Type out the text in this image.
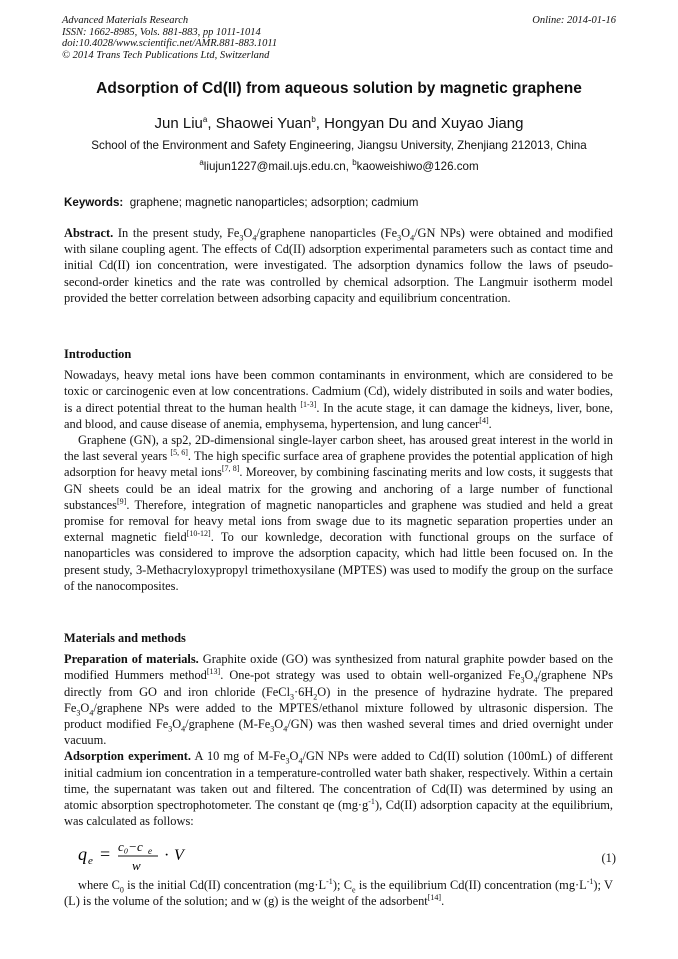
Advanced Materials Research
ISSN: 1662-8985, Vols. 881-883, pp 1011-1014
doi:10.4028/www.scientific.net/AMR.881-883.1011
© 2014 Trans Tech Publications Ltd, Switzerland
Online: 2014-01-16
Adsorption of Cd(II) from aqueous solution by magnetic graphene
Jun Liu$^a$, Shaowei Yuan$^b$, Hongyan Du and Xuyao Jiang
School of the Environment and Safety Engineering, Jiangsu University, Zhenjiang 212013, China
$^a$liujun1227@mail.ujs.edu.cn, $^b$kaoweishiwo@126.com
Keywords: graphene; magnetic nanoparticles; adsorption; cadmium

Abstract. In the present study, $Fe_3O_4$/graphene nanoparticles ($Fe_3O_4/GN$ NPs) were obtained and modified with silane coupling agent. The effects of Cd(II) adsorption experimental parameters such as contact time and initial Cd(II) ion concentration, were investigated. The adsorption dynamics follow the laws of pseudo-second-order kinetics and the rate was controlled by chemical adsorption. The Langmuir isotherm model provided the better correlation between adsorbing capacity and equilibrium concentration.

Introduction

Nowadays, heavy metal ions have been common contaminants in environment, which are considered to be toxic or carcinogenic even at low concentrations. Cadmium (Cd), widely distributed in soils and water bodies, is a direct potential threat to the human health [1-3]. In the acute stage, it can damage the kidneys, liver, bone, and blood, and cause disease of anemia, emphysema, hypertension, and lung cancer[4].

Graphene (GN), a sp2, 2D-dimensional single-layer carbon sheet, has aroused great interest in the world in the last several years [5, 6]. The high specific surface area of graphene provides the potential application of high adsorption for heavy metal ions[7, 8]. Moreover, by combining fascinating merits and low costs, it suggests that GN sheets could be an ideal matrix for the growing and anchoring of a large number of functional substances[9]. Therefore, integration of magnetic nanoparticles and graphene was studied and held a great promise for removal for heavy metal ions from swage due to its magnetic separation properties under an external magnetic field[10-12]. To our kownledge, decoration with functional groups on the surface of nanoparticles was considered to improve the adsorption capacity, which had little been focused on. In the present study, 3-Methacryloxypropyl trimethoxysilane (MPTES) was used to modify the group on the surface of the nanocomposites.

Materials and methods

Preparation of materials. Graphite oxide (GO) was synthesized from natural graphite powder based on the modified Hummers method[13]. One-pot strategy was used to obtain well-organized $Fe_3O_4$/graphene NPs directly from GO and iron chloride $(FeCl_3\cdot 6H_2O)$ in the presence of hydrazine hydrate. The prepared $Fe_3O_4$/graphene NPs were added to the MPTES/ethanol mixture followed by ultrasonic dispersion. The product modified $Fe_3O_4$/graphene $(M-Fe_3O_4/GN)$ was then washed several times and dried overnight under vacuum.

Adsorption experiment. A 10 mg of $M-Fe_3O_4/GN$ NPs were added to Cd(II) solution (100mL) of different initial cadmium ion concentration in a temperature-controlled water bath shaker, respectively. Within a certain time, the supernatant was taken out and filtered. The concentration of Cd(II) was determined by using an atomic absorption spectrophotometer. The constant qe $(mg\cdot g^{-1})$, Cd(II) adsorption capacity at the equilibrium, was calculated as follows:

q e = c₀−c e
w
· V	(1)

where $C_0$ is the initial Cd(II) concentration $(mg\cdot L^{-1})$; $C_e$ is the equilibrium Cd(II) concentration $(mg\cdot L^{-1})$; V (L) is the volume of the solution; and w (g) is the weight of the adsorbent[14].
